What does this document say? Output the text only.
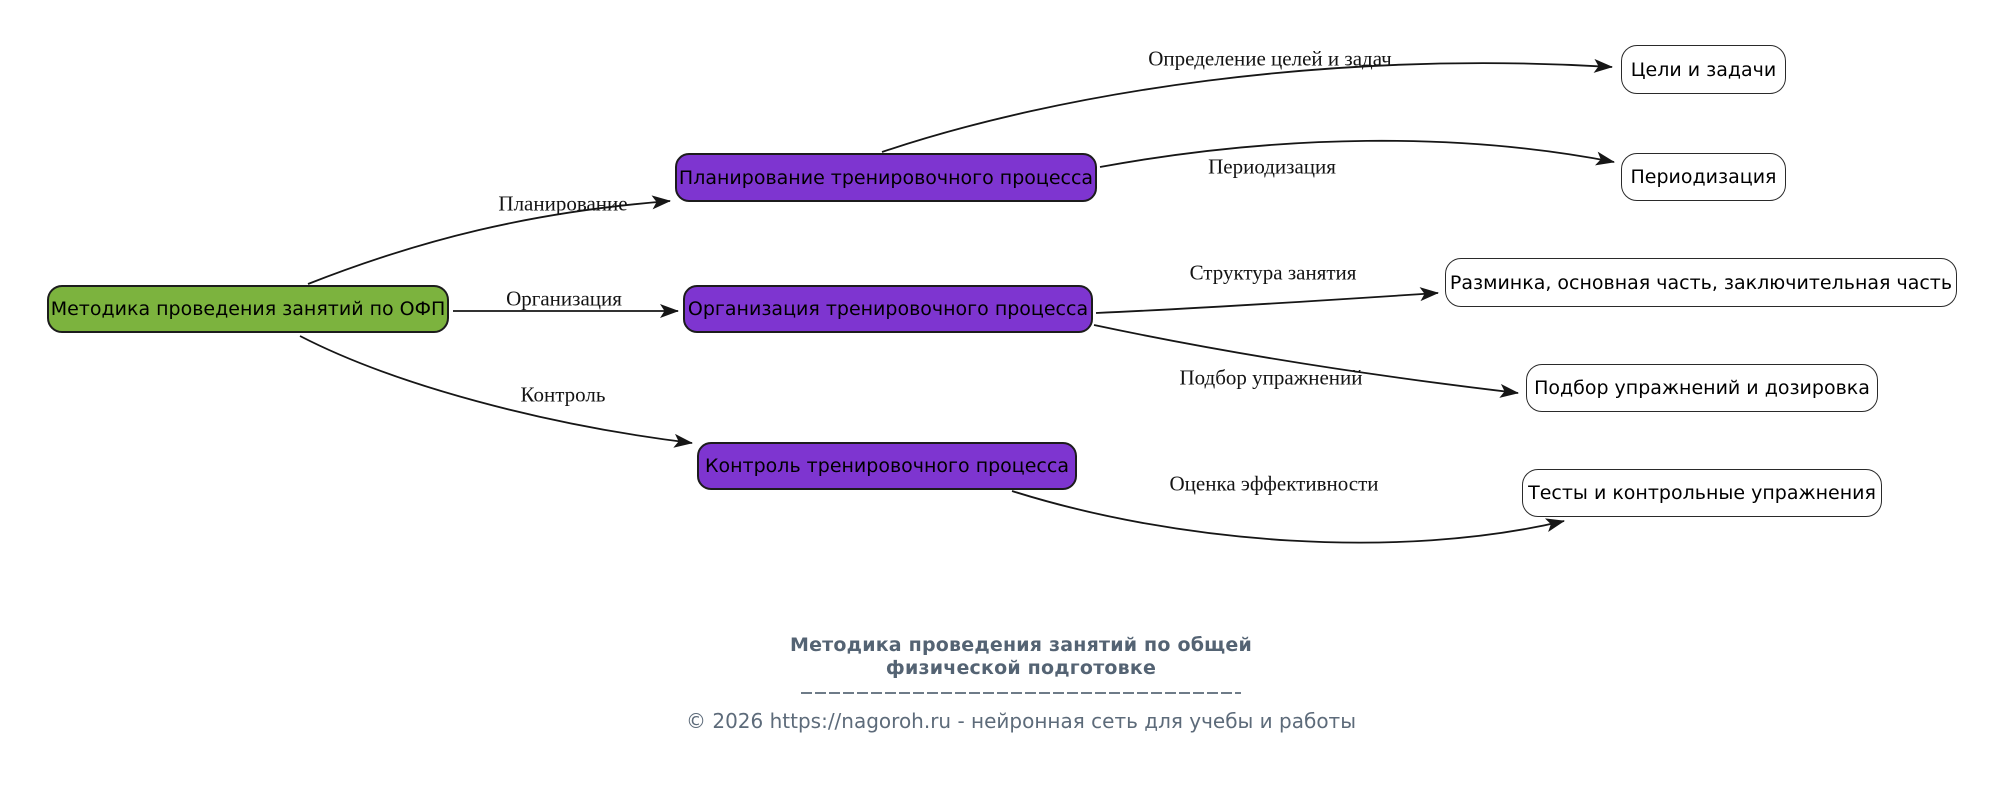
Планирование
Организация
Контроль
Определение целей и задач
Периодизация
Структура занятия
Подбор упражнений
Оценка эффективности
Методика проведения занятий по ОФП
Планирование тренировочного процесса
Организация тренировочного процесса
Контроль тренировочного процесса
Цели и задачи
Периодизация
Разминка, основная часть, заключительная часть
Подбор упражнений и дозировка
Тесты и контрольные упражнения
Методика проведения занятий по общей
физической подготовке
© 2026 https://nagoroh.ru - нейронная сеть для учебы и работы
